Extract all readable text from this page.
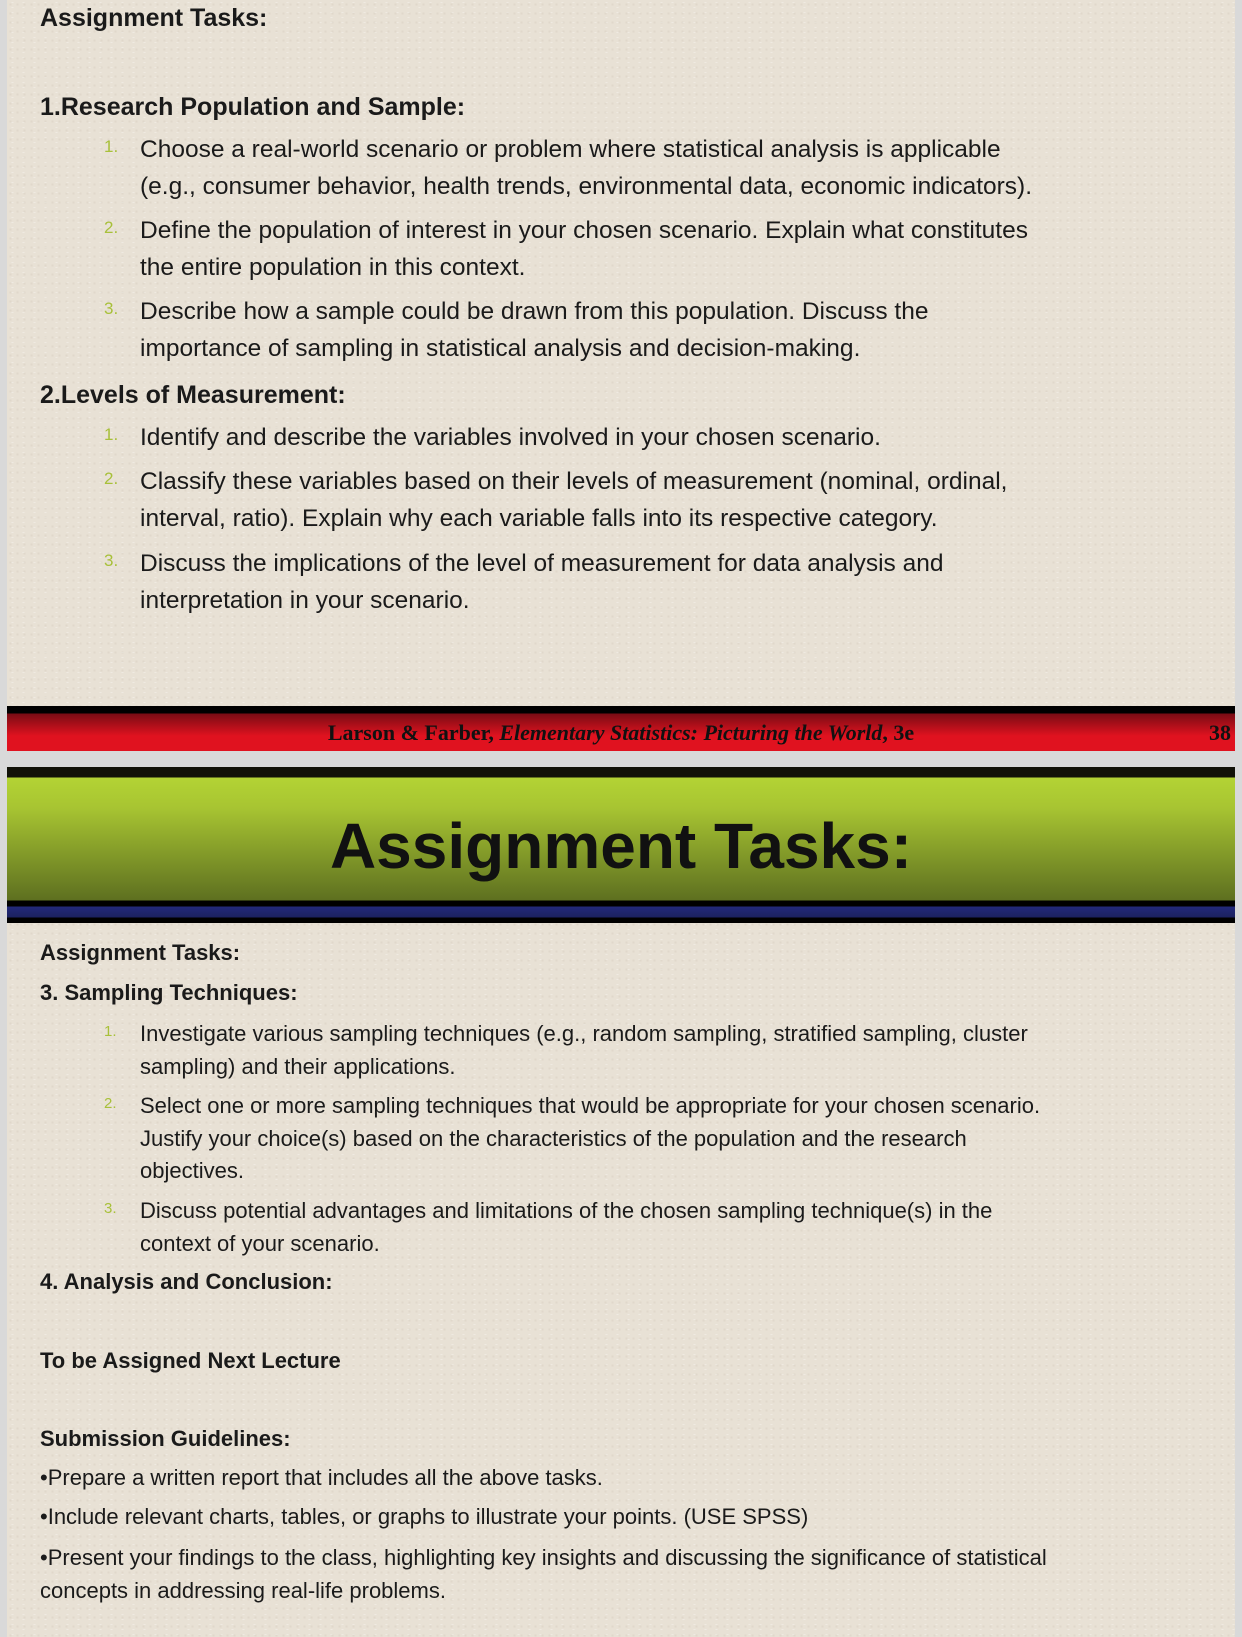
Assignment Tasks:
1.Research Population and Sample:
1. Choose a real-world scenario or problem where statistical analysis is applicable
(e.g., consumer behavior, health trends, environmental data, economic indicators).
2. Define the population of interest in your chosen scenario. Explain what constitutes
the entire population in this context.
3. Describe how a sample could be drawn from this population. Discuss the
importance of sampling in statistical analysis and decision-making.
2.Levels of Measurement:
1. Identify and describe the variables involved in your chosen scenario.
2. Classify these variables based on their levels of measurement (nominal, ordinal,
interval, ratio). Explain why each variable falls into its respective category.
3. Discuss the implications of the level of measurement for data analysis and
interpretation in your scenario.
Larson & Farber, Elementary Statistics: Picturing the World, 3e	38
Assignment Tasks:
Assignment Tasks:
3. Sampling Techniques:
1. Investigate various sampling techniques (e.g., random sampling, stratified sampling, cluster
sampling) and their applications.
2. Select one or more sampling techniques that would be appropriate for your chosen scenario.
Justify your choice(s) based on the characteristics of the population and the research
objectives.
3. Discuss potential advantages and limitations of the chosen sampling technique(s) in the
context of your scenario.
4. Analysis and Conclusion:
To be Assigned Next Lecture
Submission Guidelines:
•Prepare a written report that includes all the above tasks.
•Include relevant charts, tables, or graphs to illustrate your points. (USE SPSS)
•Present your findings to the class, highlighting key insights and discussing the significance of statistical
concepts in addressing real-life problems.
